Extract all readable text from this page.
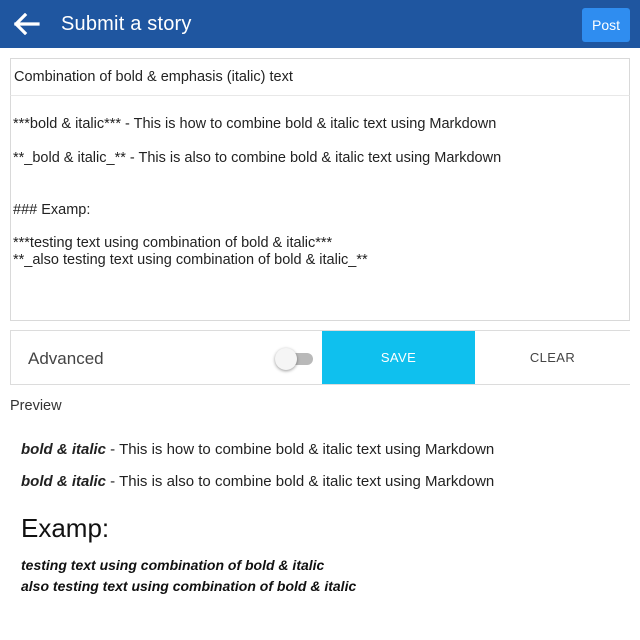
Submit a story	Post
Combination of bold & emphasis (italic) text
***bold & italic*** - This is how to combine bold & italic text using Markdown
**_bold & italic_** - This is also to combine bold & italic text using Markdown
### Examp:
***testing text using combination of bold & italic***
**_also testing text using combination of bold & italic_**
Advanced	SAVE	CLEAR
Preview
bold & italic - This is how to combine bold & italic text using Markdown
bold & italic - This is also to combine bold & italic text using Markdown
Examp:
testing text using combination of bold & italic
also testing text using combination of bold & italic
